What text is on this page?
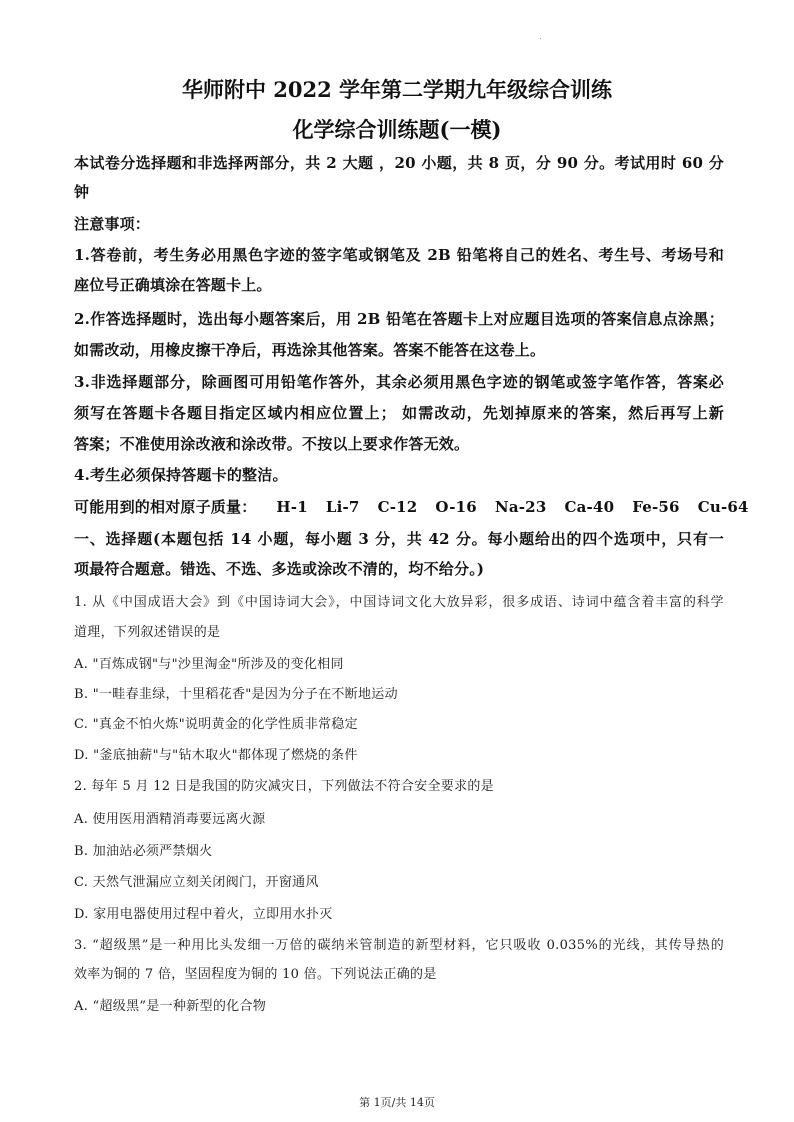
华师附中 2022 学年第二学期九年级综合训练
化学综合训练题(一模)
本试卷分选择题和非选择两部分，共 2 大题 ，20 小题，共 8 页，分 90 分。考试用时 60 分
钟
注意事项：
1.答卷前，考生务必用黑色字迹的签字笔或钢笔及 2B 铅笔将自己的姓名、考生号、考场号和
座位号正确填涂在答题卡上。
2.作答选择题时，选出每小题答案后，用 2B 铅笔在答题卡上对应题目选项的答案信息点涂黑；
如需改动，用橡皮擦干净后，再选涂其他答案。答案不能答在这卷上。
3.非选择题部分，除画图可用铅笔作答外，其余必须用黑色字迹的钢笔或签字笔作答，答案必
须写在答题卡各题目指定区域内相应位置上； 如需改动，先划掉原来的答案，然后再写上新
答案；不准使用涂改液和涂改带。不按以上要求作答无效。
4.考生必须保持答题卡的整洁。
可能用到的相对原子质量： H-1 Li-7 C-12 O-16 Na-23 Ca-40 Fe-56 Cu-64
一、选择题(本题包括 14 小题，每小题 3 分，共 42 分。每小题给出的四个选项中，只有一
项最符合题意。错选、不选、多选或涂改不清的，均不给分。)
1. 从《中国成语大会》到《中国诗词大会》，中国诗词文化大放异彩，很多成语、诗词中蕴含着丰富的科学
道理，下列叙述错误的是
A. "百炼成钢"与"沙里淘金"所涉及的变化相同
B. "一畦春韭绿，十里稻花香"是因为分子在不断地运动
C. "真金不怕火炼"说明黄金的化学性质非常稳定
D. "釜底抽薪"与"钻木取火"都体现了燃烧的条件
2. 每年 5 月 12 日是我国的防灾减灾日，下列做法不符合安全要求的是
A. 使用医用酒精消毒要远离火源
B. 加油站必须严禁烟火
C. 天然气泄漏应立刻关闭阀门，开窗通风
D. 家用电器使用过程中着火，立即用水扑灭
3. “超级黑”是一种用比头发细一万倍的碳纳米管制造的新型材料，它只吸收 0.035%的光线，其传导热的
效率为铜的 7 倍，坚固程度为铜的 10 倍。下列说法正确的是
A. “超级黑”是一种新型的化合物
第 1页/共 14页
